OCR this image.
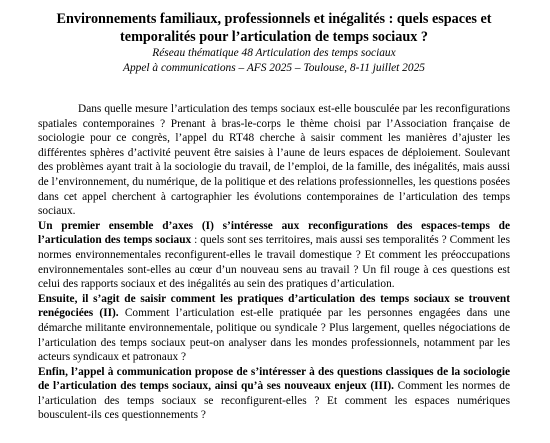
Environnements familiaux, professionnels et inégalités : quels espaces et temporalités pour l’articulation de temps sociaux ?

Réseau thématique 48 Articulation des temps sociaux

Appel à communications – AFS 2025 – Toulouse, 8-11 juillet 2025

Dans quelle mesure l’articulation des temps sociaux est-elle bousculée par les reconfigurations spatiales contemporaines ? Prenant à bras-le-corps le thème choisi par l’Association française de sociologie pour ce congrès, l’appel du RT48 cherche à saisir comment les manières d’ajuster les différentes sphères d’activité peuvent être saisies à l’aune de leurs espaces de déploiement. Soulevant des problèmes ayant trait à la sociologie du travail, de l’emploi, de la famille, des inégalités, mais aussi de l’environnement, du numérique, de la politique et des relations professionnelles, les questions posées dans cet appel cherchent à cartographier les évolutions contemporaines de l’articulation des temps sociaux.

Un premier ensemble d’axes (I) s’intéresse aux reconfigurations des espaces-temps de l’articulation des temps sociaux : quels sont ses territoires, mais aussi ses temporalités ? Comment les normes environnementales reconfigurent-elles le travail domestique ? Et comment les préoccupations environnementales sont-elles au cœur d’un nouveau sens au travail ? Un fil rouge à ces questions est celui des rapports sociaux et des inégalités au sein des pratiques d’articulation.

Ensuite, il s’agit de saisir comment les pratiques d’articulation des temps sociaux se trouvent renégociées (II). Comment l’articulation est-elle pratiquée par les personnes engagées dans une démarche militante environnementale, politique ou syndicale ? Plus largement, quelles négociations de l’articulation des temps sociaux peut-on analyser dans les mondes professionnels, notamment par les acteurs syndicaux et patronaux ?

Enfin, l’appel à communication propose de s’intéresser à des questions classiques de la sociologie de l’articulation des temps sociaux, ainsi qu’à ses nouveaux enjeux (III). Comment les normes de l’articulation des temps sociaux se reconfigurent-elles ? Et comment les espaces numériques bousculent-ils ces questionnements ?
